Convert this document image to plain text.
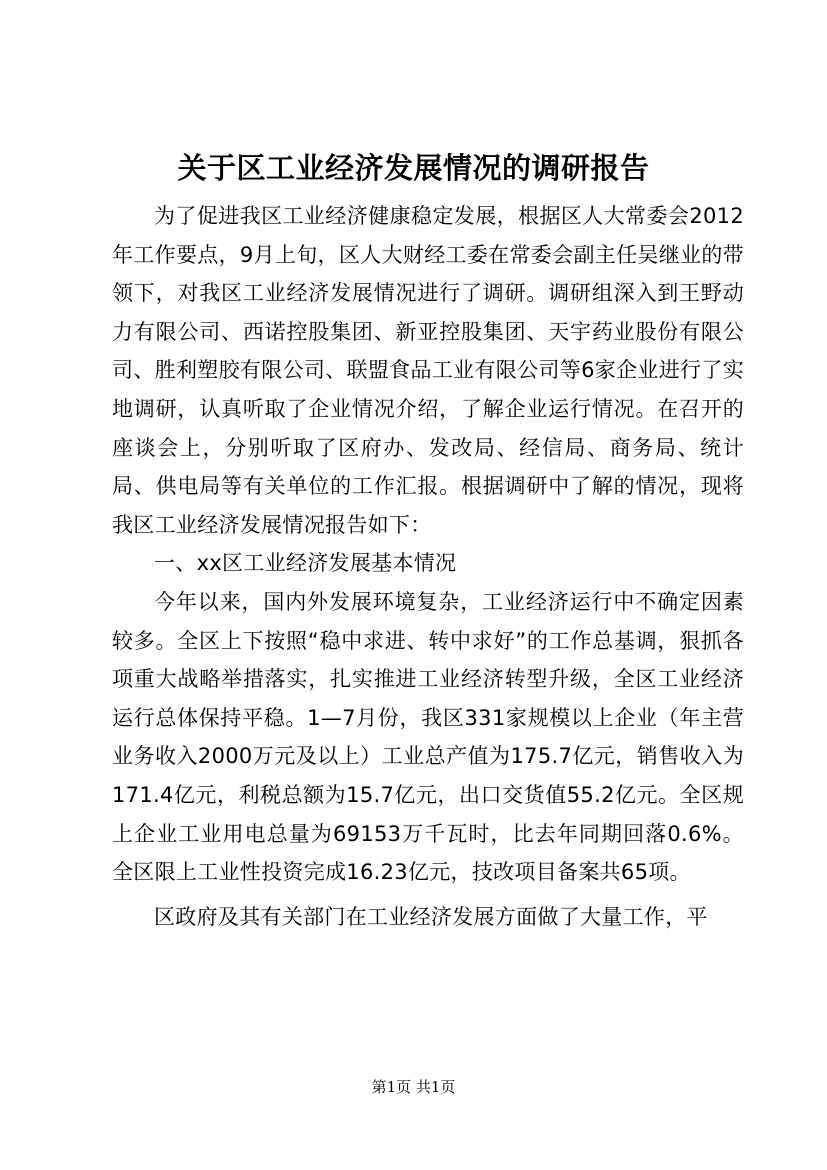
关于区工业经济发展情况的调研报告

为了促进我区工业经济健康稳定发展，根据区人大常委会2012年工作要点，9月上旬，区人大财经工委在常委会副主任吴继业的带领下，对我区工业经济发展情况进行了调研。调研组深入到王野动力有限公司、西诺控股集团、新亚控股集团、天宇药业股份有限公司、胜利塑胶有限公司、联盟食品工业有限公司等6家企业进行了实地调研，认真听取了企业情况介绍，了解企业运行情况。在召开的座谈会上，分别听取了区府办、发改局、经信局、商务局、统计局、供电局等有关单位的工作汇报。根据调研中了解的情况，现将我区工业经济发展情况报告如下：

一、xx区工业经济发展基本情况

今年以来，国内外发展环境复杂，工业经济运行中不确定因素较多。全区上下按照“稳中求进、转中求好”的工作总基调，狠抓各项重大战略举措落实，扎实推进工业经济转型升级，全区工业经济运行总体保持平稳。1—7月份，我区331家规模以上企业（年主营业务收入2000万元及以上）工业总产值为175.7亿元，销售收入为171.4亿元，利税总额为15.7亿元，出口交货值55.2亿元。全区规上企业工业用电总量为69153万千瓦时，比去年同期回落0.6%。全区限上工业性投资完成16.23亿元，技改项目备案共65项。

区政府及其有关部门在工业经济发展方面做了大量工作，平

第1页 共1页
